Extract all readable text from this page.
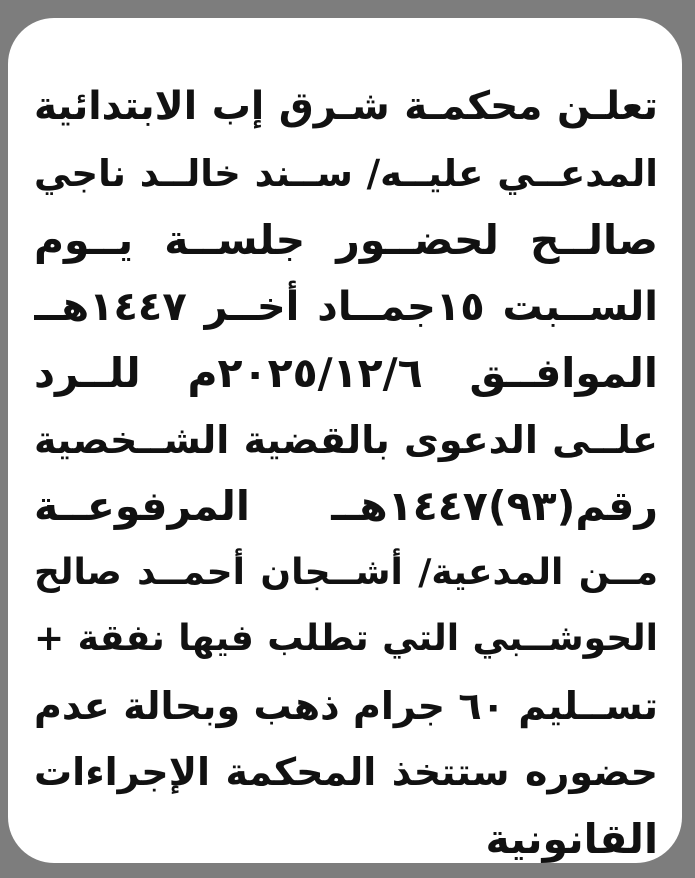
تعلـن محكمـة شـرق إب الابتدائية
المدعــي عليــه/ ســند خالــد ناجي
صالــح لحضــور جلســة يــوم
الســبت ١٥جمــاد أخــر ١٤٤٧هــ
الموافــق ٢٠٢٥/١٢/٦م للــرد
علــى الدعوى بالقضية الشــخصية
رقم(٩٣)١٤٤٧هــ المرفوعــة
مــن المدعية/ أشــجان أحمــد صالح
الحوشــبي التي تطلب فيها نفقة +
تســليم ٦٠ جرام ذهب وبحالة عدم
حضوره ستتخذ المحكمة الإجراءات
القانونية
